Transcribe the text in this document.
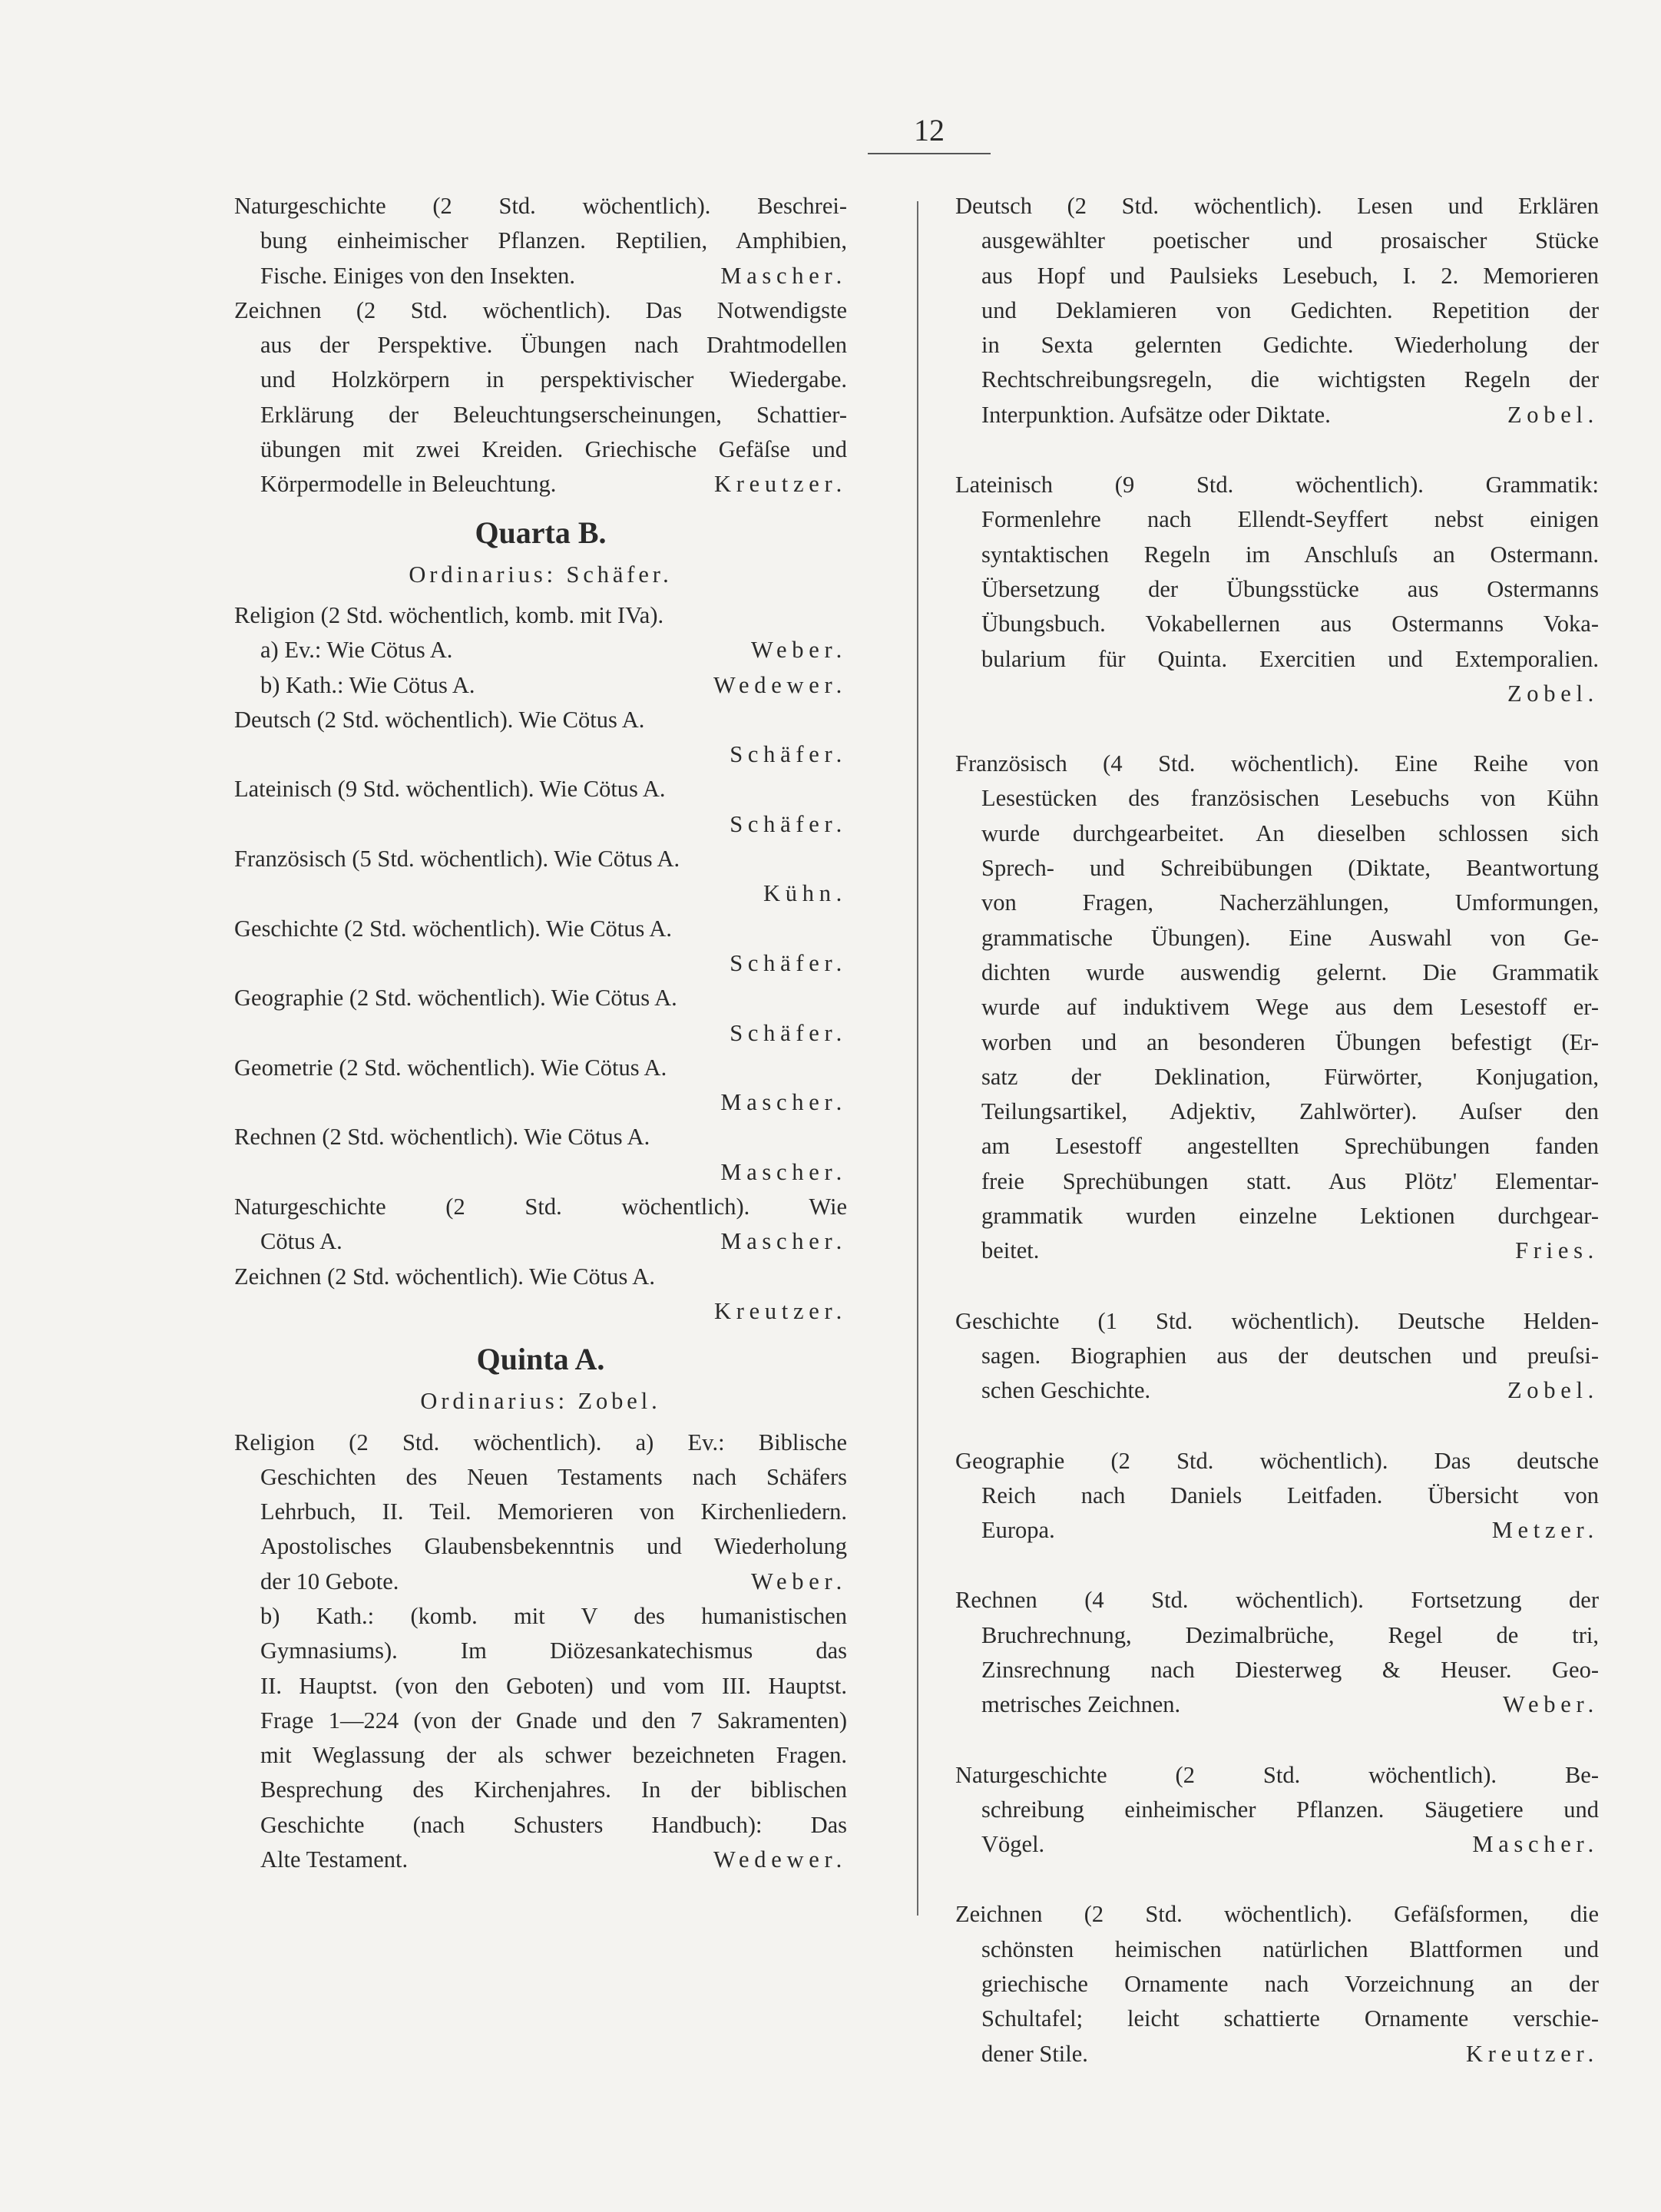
12
Naturgeschichte (2 Std. wöchentlich). Beschrei-
bung einheimischer Pflanzen. Reptilien, Amphibien,
Fische. Einiges von den Insekten.	Mascher.
Zeichnen (2 Std. wöchentlich). Das Notwendigste
aus der Perspektive. Übungen nach Drahtmodellen
und Holzkörpern in perspektivischer Wiedergabe.
Erklärung der Beleuchtungserscheinungen, Schattier-
übungen mit zwei Kreiden. Griechische Gefäſse und
Körpermodelle in Beleuchtung.	Kreutzer.
Quarta B.
Ordinarius: Schäfer.
Religion (2 Std. wöchentlich, komb. mit IVa).
a) Ev.: Wie Cötus A.	Weber.
b) Kath.: Wie Cötus A.	Wedewer.
Deutsch (2 Std. wöchentlich). Wie Cötus A.
Schäfer.
Lateinisch (9 Std. wöchentlich). Wie Cötus A.
Schäfer.
Französisch (5 Std. wöchentlich). Wie Cötus A.
Kühn.
Geschichte (2 Std. wöchentlich). Wie Cötus A.
Schäfer.
Geographie (2 Std. wöchentlich). Wie Cötus A.
Schäfer.
Geometrie (2 Std. wöchentlich). Wie Cötus A.
Mascher.
Rechnen (2 Std. wöchentlich). Wie Cötus A.
Mascher.
Naturgeschichte (2 Std. wöchentlich). Wie
Cötus A.	Mascher.
Zeichnen (2 Std. wöchentlich). Wie Cötus A.
Kreutzer.
Quinta A.
Ordinarius: Zobel.
Religion (2 Std. wöchentlich). a) Ev.: Biblische
Geschichten des Neuen Testaments nach Schäfers
Lehrbuch, II. Teil. Memorieren von Kirchenliedern.
Apostolisches Glaubensbekenntnis und Wiederholung
der 10 Gebote.	Weber.
b) Kath.: (komb. mit V des humanistischen
Gymnasiums). Im Diözesankatechismus das
II. Hauptst. (von den Geboten) und vom III. Hauptst.
Frage 1—224 (von der Gnade und den 7 Sakramenten)
mit Weglassung der als schwer bezeichneten Fragen.
Besprechung des Kirchenjahres. In der biblischen
Geschichte (nach Schusters Handbuch): Das
Alte Testament.	Wedewer.
Deutsch (2 Std. wöchentlich). Lesen und Erklären
ausgewählter poetischer und prosaischer Stücke
aus Hopf und Paulsieks Lesebuch, I. 2. Memorieren
und Deklamieren von Gedichten. Repetition der
in Sexta gelernten Gedichte. Wiederholung der
Rechtschreibungsregeln, die wichtigsten Regeln der
Interpunktion. Aufsätze oder Diktate.	Zobel.
Lateinisch (9 Std. wöchentlich). Grammatik:
Formenlehre nach Ellendt-Seyffert nebst einigen
syntaktischen Regeln im Anschluſs an Ostermann.
Übersetzung der Übungsstücke aus Ostermanns
Übungsbuch. Vokabellernen aus Ostermanns Voka-
bularium für Quinta. Exercitien und Extemporalien.
Zobel.
Französisch (4 Std. wöchentlich). Eine Reihe von
Lesestücken des französischen Lesebuchs von Kühn
wurde durchgearbeitet. An dieselben schlossen sich
Sprech- und Schreibübungen (Diktate, Beantwortung
von Fragen, Nacherzählungen, Umformungen,
grammatische Übungen). Eine Auswahl von Ge-
dichten wurde auswendig gelernt. Die Grammatik
wurde auf induktivem Wege aus dem Lesestoff er-
worben und an besonderen Übungen befestigt (Er-
satz der Deklination, Fürwörter, Konjugation,
Teilungsartikel, Adjektiv, Zahlwörter). Auſser den
am Lesestoff angestellten Sprechübungen fanden
freie Sprechübungen statt. Aus Plötz' Elementar-
grammatik wurden einzelne Lektionen durchgear-
beitet.	Fries.
Geschichte (1 Std. wöchentlich). Deutsche Helden-
sagen. Biographien aus der deutschen und preuſsi-
schen Geschichte.	Zobel.
Geographie (2 Std. wöchentlich). Das deutsche
Reich nach Daniels Leitfaden. Übersicht von
Europa.	Metzer.
Rechnen (4 Std. wöchentlich). Fortsetzung der
Bruchrechnung, Dezimalbrüche, Regel de tri,
Zinsrechnung nach Diesterweg & Heuser. Geo-
metrisches Zeichnen.	Weber.
Naturgeschichte (2 Std. wöchentlich). Be-
schreibung einheimischer Pflanzen. Säugetiere und
Vögel.	Mascher.
Zeichnen (2 Std. wöchentlich). Gefäſsformen, die
schönsten heimischen natürlichen Blattformen und
griechische Ornamente nach Vorzeichnung an der
Schultafel; leicht schattierte Ornamente verschie-
dener Stile.	Kreutzer.
